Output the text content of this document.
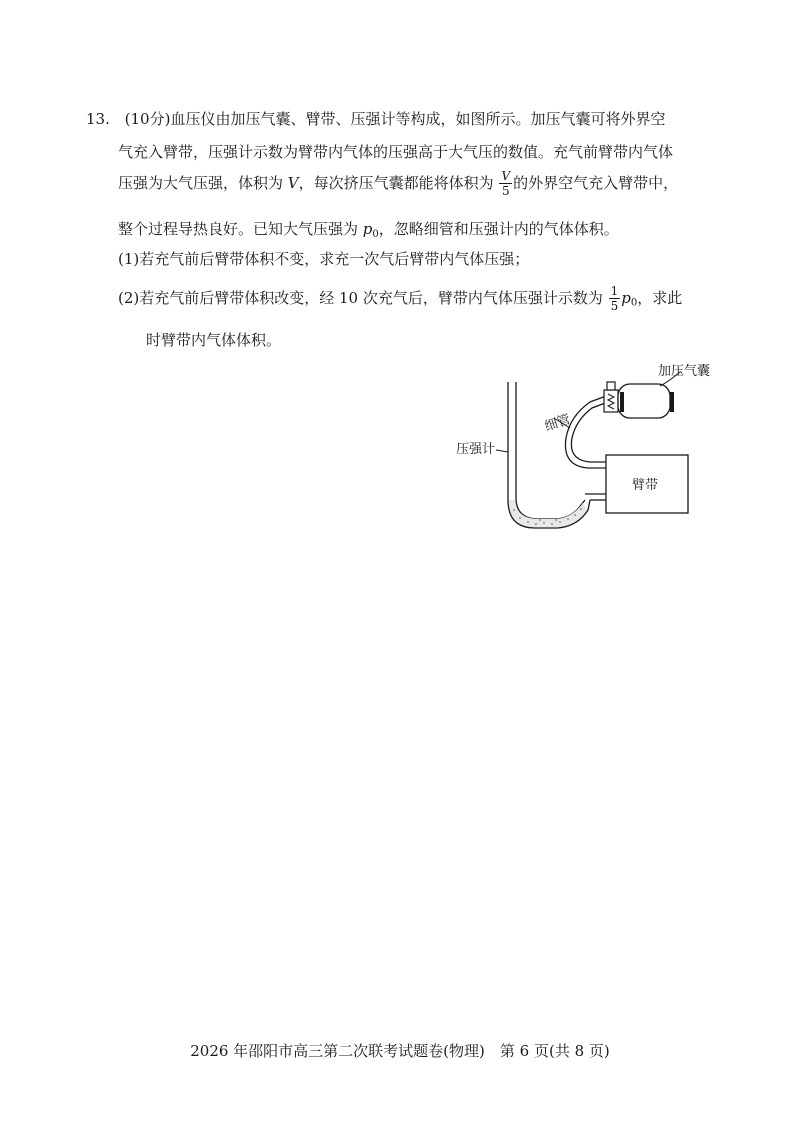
13. (10分)血压仪由加压气囊、臂带、压强计等构成，如图所示。加压气囊可将外界空
气充入臂带，压强计示数为臂带内气体的压强高于大气压的数值。充气前臂带内气体
压强为大气压强，体积为 V，每次挤压气囊都能将体积为 $\frac{V}{5}$ 的外界空气充入臂带中，
整个过程导热良好。已知大气压强为 $p_0$，忽略细管和压强计内的气体体积。
(1)若充气前后臂带体积不变，求充一次气后臂带内气体压强；
(2)若充气前后臂带体积改变，经 10 次充气后，臂带内气体压强计示数为 $\frac{1}{5} p_0$，求此
时臂带内气体体积。
加压气囊
细管
压强计
臂带
2026 年邵阳市高三第二次联考试题卷(物理)　第 6 页(共 8 页)
